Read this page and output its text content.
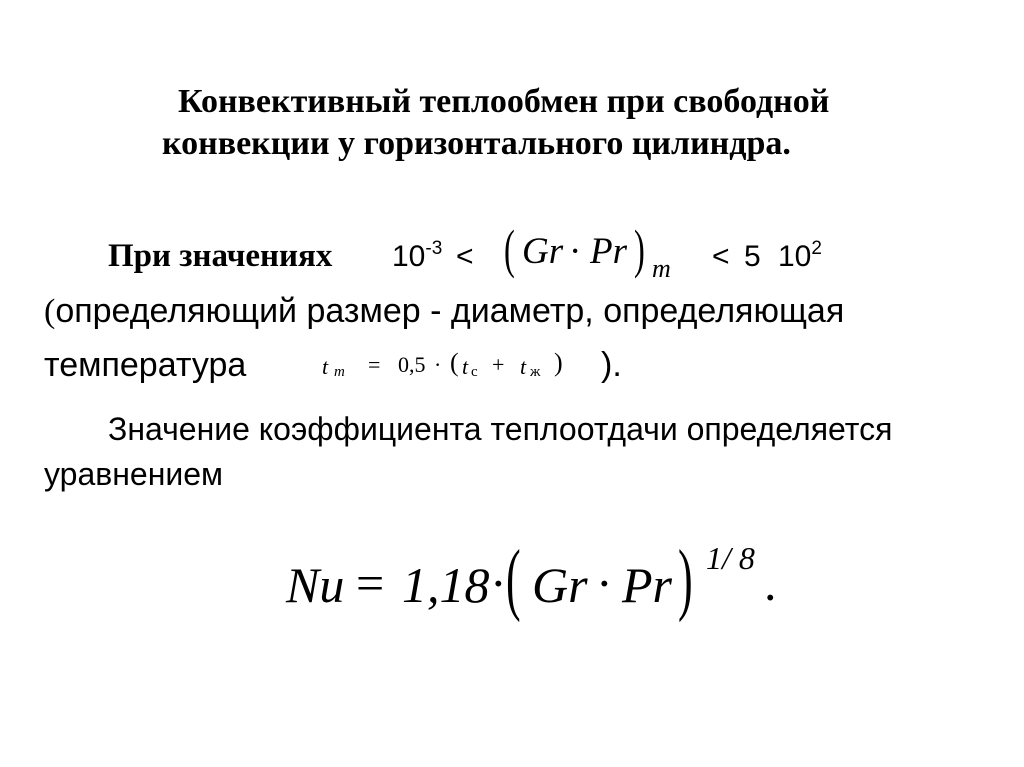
Конвективный теплообмен при свободной
конвекции у горизонтального цилиндра.
При значениях $10^{-3}$ < ( Gr · Pr ) m < 5 $10^2$
(определяющий размер - диаметр, определяющая
температура	t m = 0,5 · ( t с + t ж ) ).
Значение коэффициента теплоотдачи определяется
уравнением
Nu = 1,18 · ( Gr · Pr ) 1/ 8 .
